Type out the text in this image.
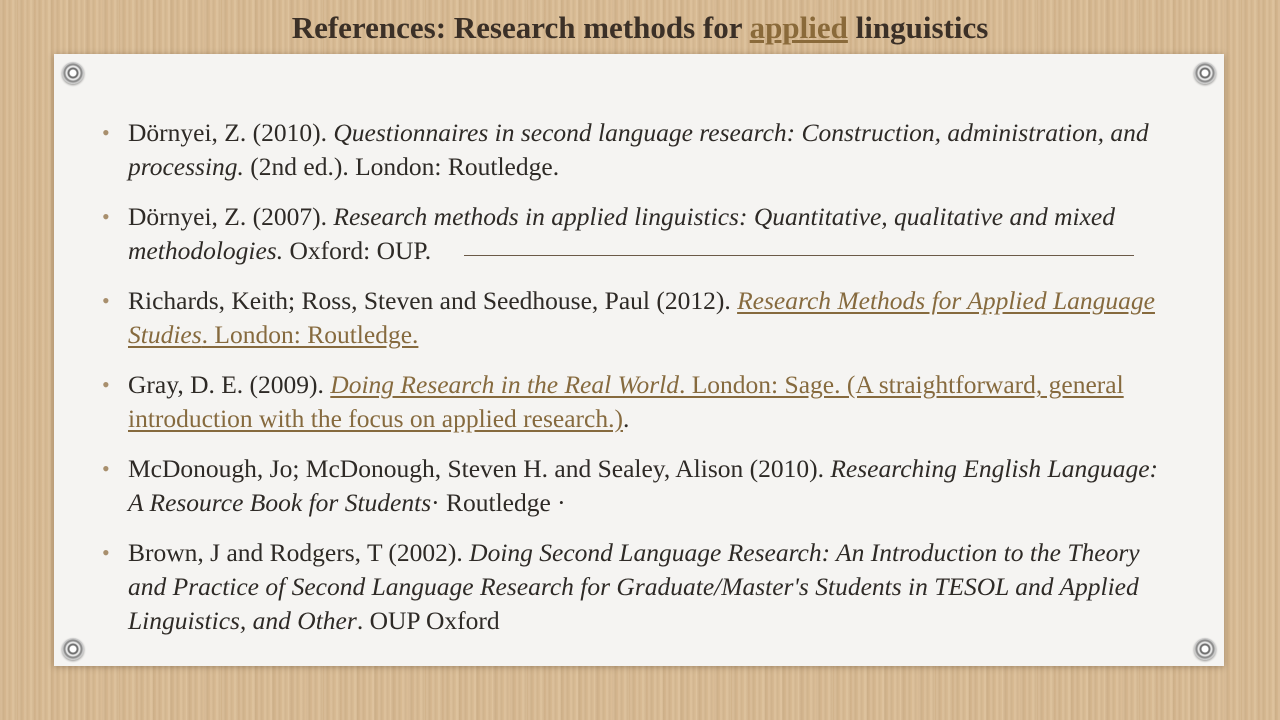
References: Research methods for applied linguistics
• Dörnyei, Z. (2010). Questionnaires in second language research: Construction, administration, and processing. (2nd ed.). London: Routledge.
• Dörnyei, Z. (2007). Research methods in applied linguistics: Quantitative, qualitative and mixed methodologies. Oxford: OUP.
• Richards, Keith; Ross, Steven and Seedhouse, Paul (2012). Research Methods for Applied Language Studies. London: Routledge.
• Gray, D. E. (2009). Doing Research in the Real World. London: Sage. (A straightforward, general introduction with the focus on applied research.).
• McDonough, Jo; McDonough, Steven H. and Sealey, Alison (2010). Researching English Language: A Resource Book for Students· Routledge ·
• Brown, J and Rodgers, T (2002). Doing Second Language Research: An Introduction to the Theory and Practice of Second Language Research for Graduate/Master's Students in TESOL and Applied Linguistics, and Other. OUP Oxford
